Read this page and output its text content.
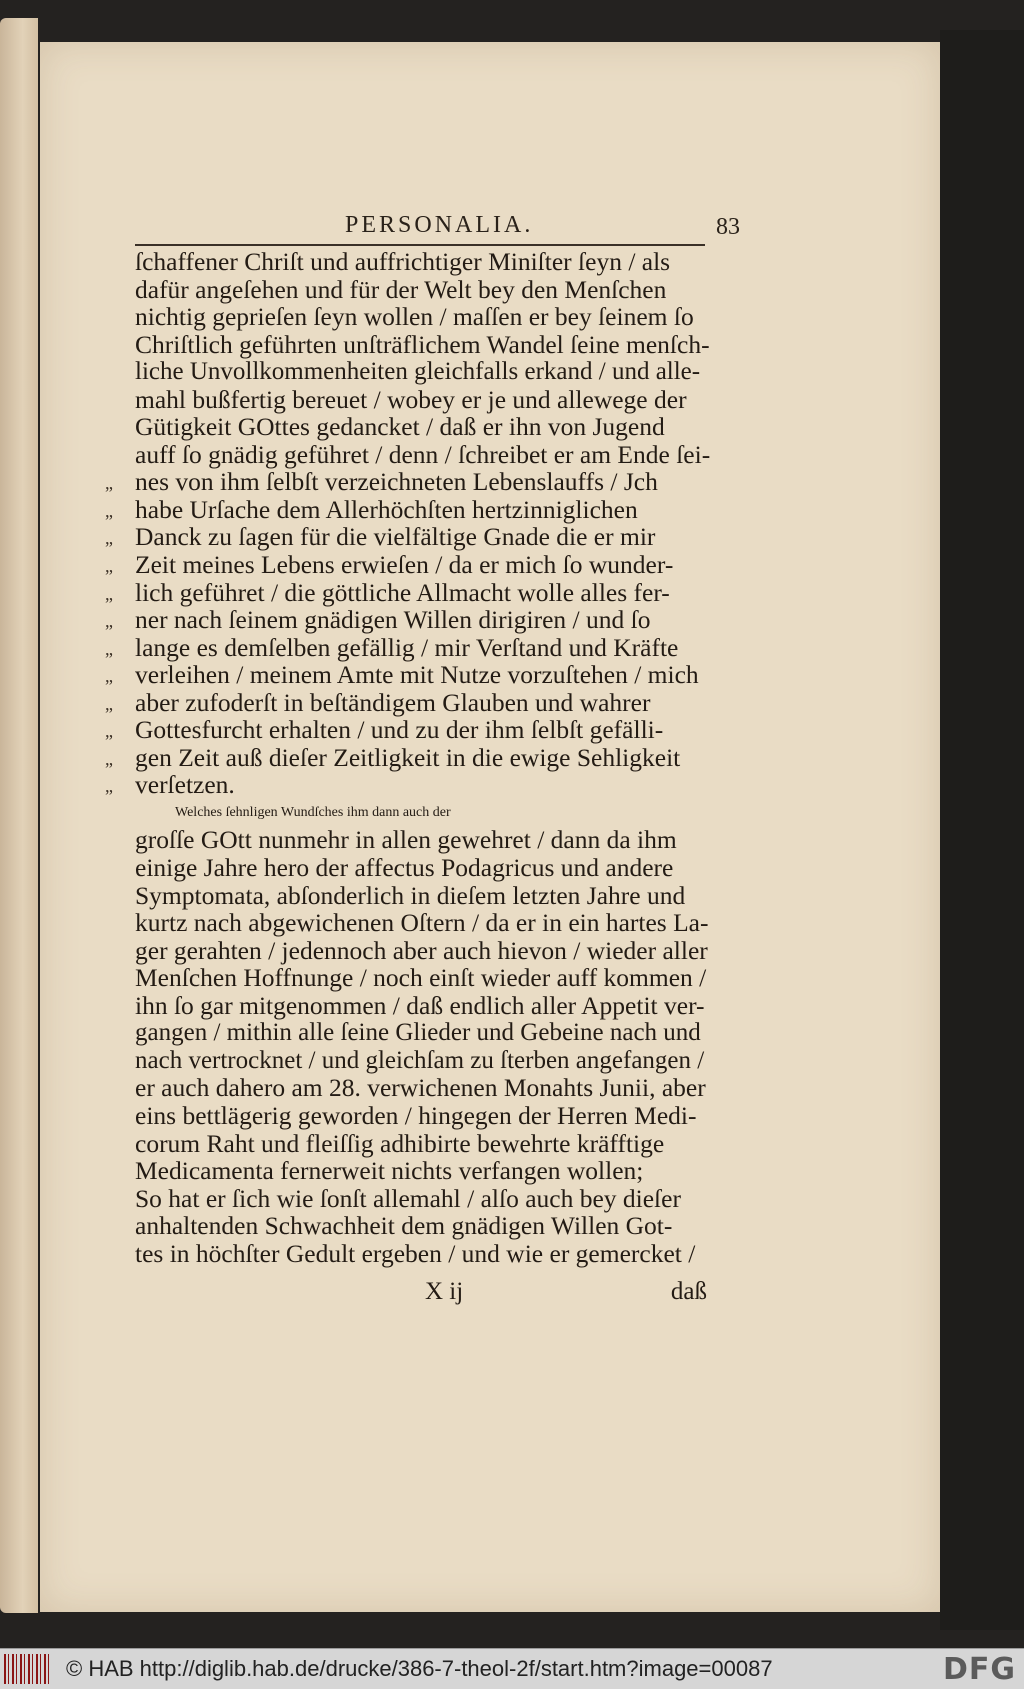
PERSONALIA.	83
ſchaffener Chriſt und auffrichtiger Miniſter ſeyn / als
dafür angeſehen und für der Welt bey den Menſchen
nichtig geprieſen ſeyn wollen / maſſen er bey ſeinem ſo
Chriſtlich geführten unſträflichem Wandel ſeine menſch-
liche Unvollkommenheiten gleichfalls erkand / und alle-
mahl bußfertig bereuet / wobey er je und allewege der
Gütigkeit GOttes gedancket / daß er ihn von Jugend
auff ſo gnädig geführet / denn / ſchreibet er am Ende ſei-
„ nes von ihm ſelbſt verzeichneten Lebenslauffs / Jch
„ habe Urſache dem Allerhöchſten hertzinniglichen
„ Danck zu ſagen für die vielfältige Gnade die er mir
„ Zeit meines Lebens erwieſen / da er mich ſo wunder-
„ lich geführet / die göttliche Allmacht wolle alles fer-
„ ner nach ſeinem gnädigen Willen dirigiren / und ſo
„ lange es demſelben gefällig / mir Verſtand und Kräfte
„ verleihen / meinem Amte mit Nutze vorzuſtehen / mich
„ aber zufoderſt in beſtändigem Glauben und wahrer
„ Gottesfurcht erhalten / und zu der ihm ſelbſt gefälli-
„ gen Zeit auß dieſer Zeitligkeit in die ewige Sehligkeit
„ verſetzen.
Welches ſehnligen Wundſches ihm dann auch der
groſſe GOtt nunmehr in allen gewehret / dann da ihm
einige Jahre hero der affectus Podagricus und andere
Symptomata, abſonderlich in dieſem letzten Jahre und
kurtz nach abgewichenen Oſtern / da er in ein hartes La-
ger gerahten / jedennoch aber auch hievon / wieder aller
Menſchen Hoffnunge / noch einſt wieder auff kommen /
ihn ſo gar mitgenommen / daß endlich aller Appetit ver-
gangen / mithin alle ſeine Glieder und Gebeine nach und
nach vertrocknet / und gleichſam zu ſterben angefangen /
er auch dahero am 28. verwichenen Monahts Junii, aber
eins bettlägerig geworden / hingegen der Herren Medi-
corum Raht und fleiſſig adhibirte bewehrte kräfftige
Medicamenta fernerweit nichts verfangen wollen;
So hat er ſich wie ſonſt allemahl / alſo auch bey dieſer
anhaltenden Schwachheit dem gnädigen Willen Got-
tes in höchſter Gedult ergeben / und wie er gemercket /
X ij	daß
© HAB http://diglib.hab.de/drucke/386-7-theol-2f/start.htm?image=00087	DFG
